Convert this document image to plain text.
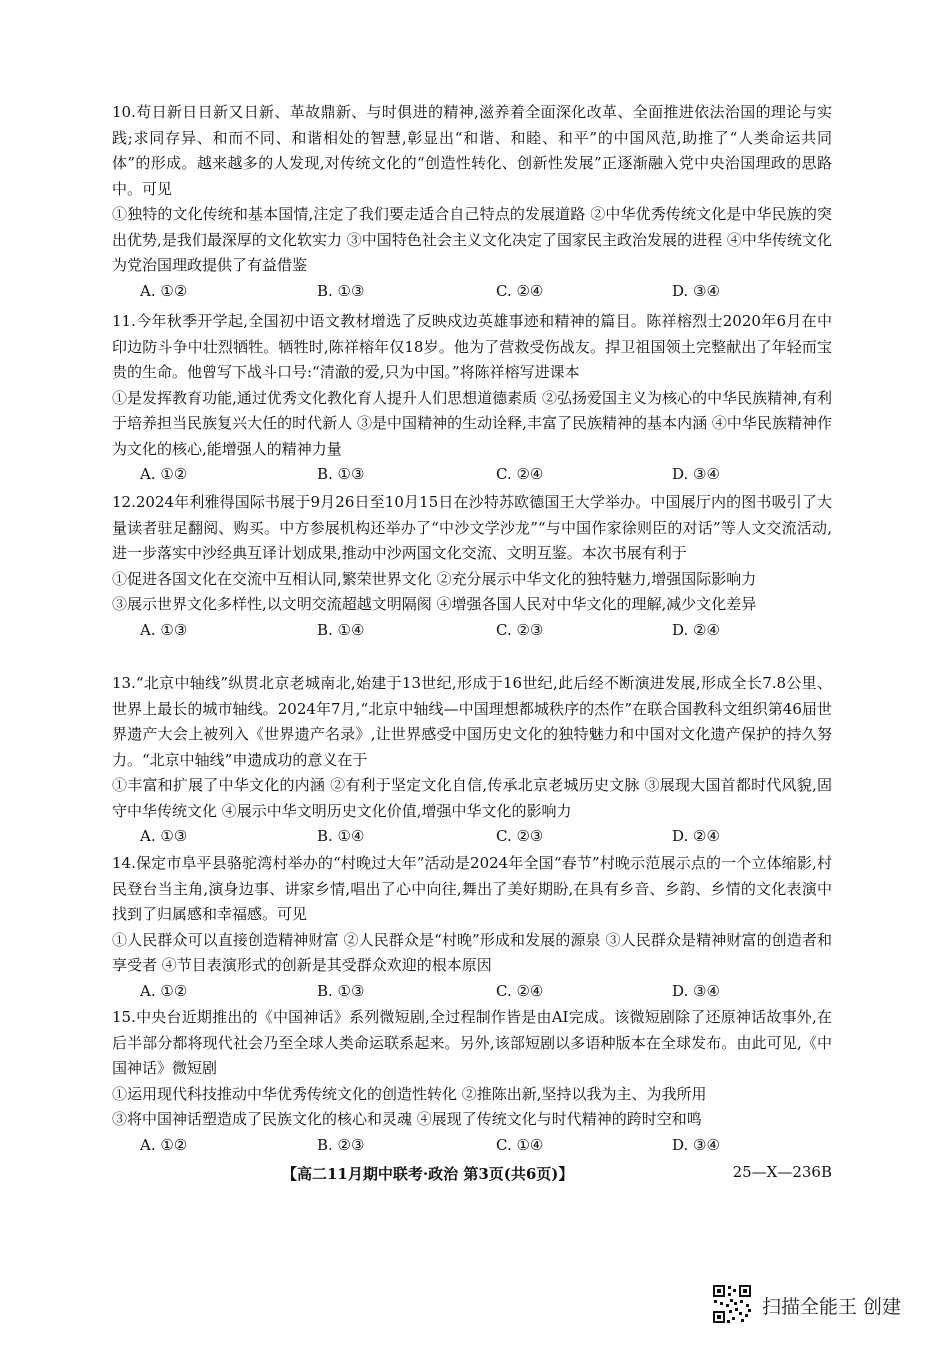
10.苟日新日日新又日新、革故鼎新、与时俱进的精神,滋养着全面深化改革、全面推进依法治国的理论与实践;求同存异、和而不同、和谐相处的智慧,彰显出“和谐、和睦、和平”的中国风范,助推了“人类命运共同体”的形成。越来越多的人发现,对传统文化的“创造性转化、创新性发展”正逐渐融入党中央治国理政的思路中。可见

①独特的文化传统和基本国情,注定了我们要走适合自己特点的发展道路 ②中华优秀传统文化是中华民族的突出优势,是我们最深厚的文化软实力 ③中国特色社会主义文化决定了国家民主政治发展的进程 ④中华传统文化为党治国理政提供了有益借鉴

A. ①②	B. ①③	C. ②④	D. ③④

11.今年秋季开学起,全国初中语文教材增选了反映戍边英雄事迹和精神的篇目。陈祥榕烈士2020年6月在中印边防斗争中壮烈牺牲。牺牲时,陈祥榕年仅18岁。他为了营救受伤战友。捍卫祖国领土完整献出了年轻而宝贵的生命。他曾写下战斗口号:“清澈的爱,只为中国。”将陈祥榕写进课本

①是发挥教育功能,通过优秀文化教化育人提升人们思想道德素质 ②弘扬爱国主义为核心的中华民族精神,有利于培养担当民族复兴大任的时代新人 ③是中国精神的生动诠释,丰富了民族精神的基本内涵 ④中华民族精神作为文化的核心,能增强人的精神力量

A. ①②	B. ①③	C. ②④	D. ③④

12.2024年利雅得国际书展于9月26日至10月15日在沙特苏欧德国王大学举办。中国展厅内的图书吸引了大量读者驻足翻阅、购买。中方参展机构还举办了“中沙文学沙龙”“与中国作家徐则臣的对话”等人文交流活动,进一步落实中沙经典互译计划成果,推动中沙两国文化交流、文明互鉴。本次书展有利于

①促进各国文化在交流中互相认同,繁荣世界文化 ②充分展示中华文化的独特魅力,增强国际影响力

③展示世界文化多样性,以文明交流超越文明隔阂 ④增强各国人民对中华文化的理解,减少文化差异

A. ①③	B. ①④	C. ②③	D. ②④

13.“北京中轴线”纵贯北京老城南北,始建于13世纪,形成于16世纪,此后经不断演进发展,形成全长7.8公里、世界上最长的城市轴线。2024年7月,“北京中轴线—中国理想都城秩序的杰作”在联合国教科文组织第46届世界遗产大会上被列入《世界遗产名录》,让世界感受中国历史文化的独特魅力和中国对文化遗产保护的持久努力。“北京中轴线”申遗成功的意义在于

①丰富和扩展了中华文化的内涵 ②有利于坚定文化自信,传承北京老城历史文脉 ③展现大国首都时代风貌,固守中华传统文化 ④展示中华文明历史文化价值,增强中华文化的影响力

A. ①③	B. ①④	C. ②③	D. ②④

14.保定市阜平县骆驼湾村举办的“村晚过大年”活动是2024年全国“春节”村晚示范展示点的一个立体缩影,村民登台当主角,演身边事、讲家乡情,唱出了心中向往,舞出了美好期盼,在具有乡音、乡韵、乡情的文化表演中找到了归属感和幸福感。可见

①人民群众可以直接创造精神财富 ②人民群众是“村晚”形成和发展的源泉 ③人民群众是精神财富的创造者和享受者 ④节目表演形式的创新是其受群众欢迎的根本原因

A. ①②	B. ①③	C. ②④	D. ③④

15.中央台近期推出的《中国神话》系列微短剧,全过程制作皆是由AI完成。该微短剧除了还原神话故事外,在后半部分都将现代社会乃至全球人类命运联系起来。另外,该部短剧以多语种版本在全球发布。由此可见,《中国神话》微短剧

①运用现代科技推动中华优秀传统文化的创造性转化 ②推陈出新,坚持以我为主、为我所用

③将中国神话塑造成了民族文化的核心和灵魂 ④展现了传统文化与时代精神的跨时空和鸣

A. ①②	B. ②③	C. ①④	D. ③④
【高二11月期中联考·政治 第3页(共6页)】	25—X—236B
扫描全能王 创建
